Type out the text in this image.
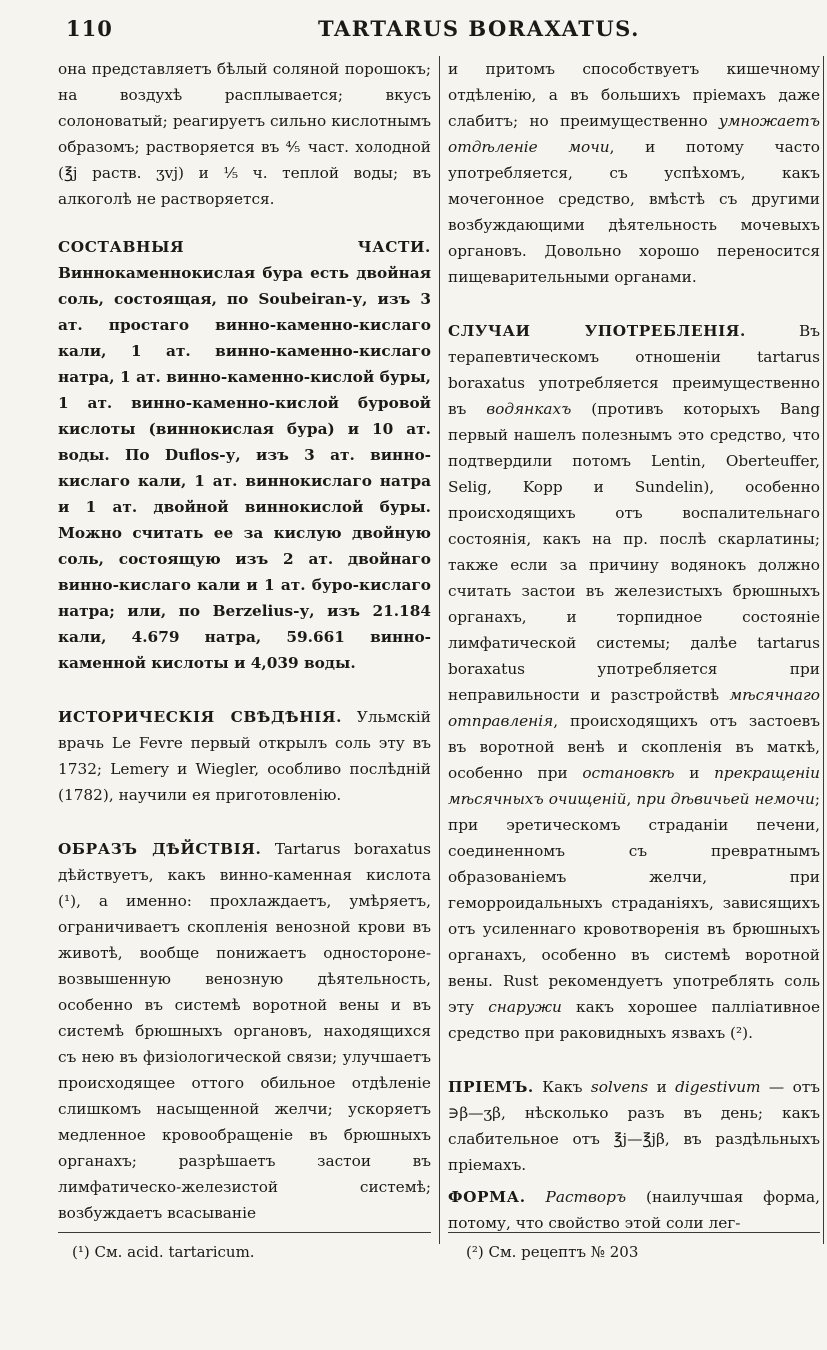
110	TARTARUS BORAXATUS.

она представляетъ бѣлый соляной порошокъ; на воздухѣ расплывается; вкусъ солоноватый; реагируетъ сильно кислотнымъ образомъ; растворяется въ ⅘ част. холодной (℥j раств. ʒvj) и ⅕ ч. теплой воды; въ алкоголѣ не растворяется.

СОСТАВНЫЯ ЧАСТИ. Виннокаменнокислая бура есть двойная соль, состоящая, по Soubeiran-у, изъ 3 ат. простаго винно-каменно-кислаго кали, 1 ат. винно-каменно-кислаго натра, 1 ат. винно-каменно-кислой буры, 1 ат. винно-каменно-кислой буровой кислоты (виннокислая бура) и 10 ат. воды. По Duflos-у, изъ 3 ат. винно-кислаго кали, 1 ат. виннокислаго натра и 1 ат. двойной виннокислой буры. Можно считать ее за кислую двойную соль, состоящую изъ 2 ат. двойнаго винно-кислаго кали и 1 ат. буро-кислаго натра; или, по Berzelius-у, изъ 21.184 кали, 4.679 натра, 59.661 винно-каменной кислоты и 4,039 воды.

ИСТОРИЧЕСКІЯ СВѢДѢНІЯ. Ульмскій врачь Le Fevre первый открылъ соль эту въ 1732; Lemery и Wiegler, особливо послѣдній (1782), научили ея приготовленію.

ОБРАЗЪ ДѢЙСТВІЯ. Tartarus boraxatus дѣйствуетъ, какъ винно-каменная кислота (¹), а именно: прохлаждаетъ, умѣряетъ, ограничиваетъ скопленія венозной крови въ животѣ, вообще понижаетъ одностороне-возвышенную венозную дѣятельность, особенно въ системѣ воротной вены и въ системѣ брюшныхъ органовъ, находящихся съ нею въ физіологической связи; улучшаетъ происходящее оттого обильное отдѣленіе слишкомъ насыщенной желчи; ускоряетъ медленное кровообращеніе въ брюшныхъ органахъ; разрѣшаетъ застои въ лимфатическо-железистой системѣ; возбуждаетъ всасываніе

и притомъ способствуетъ кишечному отдѣленію, а въ большихъ пріемахъ даже слабитъ; но преимущественно умножаетъ отдѣленіе мочи, и потому часто употребляется, съ успѣхомъ, какъ мочегонное средство, вмѣстѣ съ другими возбуждающими дѣятельность мочевыхъ органовъ. Довольно хорошо переносится пищеварительными органами.

СЛУЧАИ УПОТРЕБЛЕНІЯ.	Въ терапевтическомъ отношеніи tartarus boraxatus употребляется преимущественно въ водянкахъ (противъ которыхъ Bang первый нашелъ полезнымъ это средство, что подтвердили потомъ Lentin, Oberteuffer, Selig, Kopp и Sundelin), особенно происходящихъ отъ воспалительнаго состоянія, какъ на пр. послѣ скарлатины; также если за причину водянокъ должно считать застои въ железистыхъ брюшныхъ органахъ, и торпидное состояніе лимфатической системы; далѣе tartarus boraxatus употребляется при неправильности и разстройствѣ мѣсячнаго отправленія, происходящихъ отъ застоевъ въ воротной венѣ и скопленія въ маткѣ, особенно при остановкѣ и прекращеніи мѣсячныхъ очищеній, при дѣвичьей немочи; при эретическомъ страданіи печени, соединенномъ съ превратнымъ образованіемъ желчи, при геморроидальныхъ страданіяхъ, зависящихъ отъ усиленнаго кровотворенія въ брюшныхъ органахъ, особенно въ системѣ воротной вены. Rust рекомендуетъ употреблять соль эту снаружи какъ хорошее палліативное средство при раковидныхъ язвахъ (²).

ПРІЕМЪ. Какъ solvens и digestivum — отъ ∋β—ʒβ, нѣсколько разъ въ день; какъ слабительное отъ ℥j—℥jβ, въ раздѣльныхъ пріемахъ.

ФОРМА. Растворъ (наилучшая форма, потому, что свойство этой соли лег-

(¹) См. acid. tartaricum.	(²) См. рецептъ № 203
